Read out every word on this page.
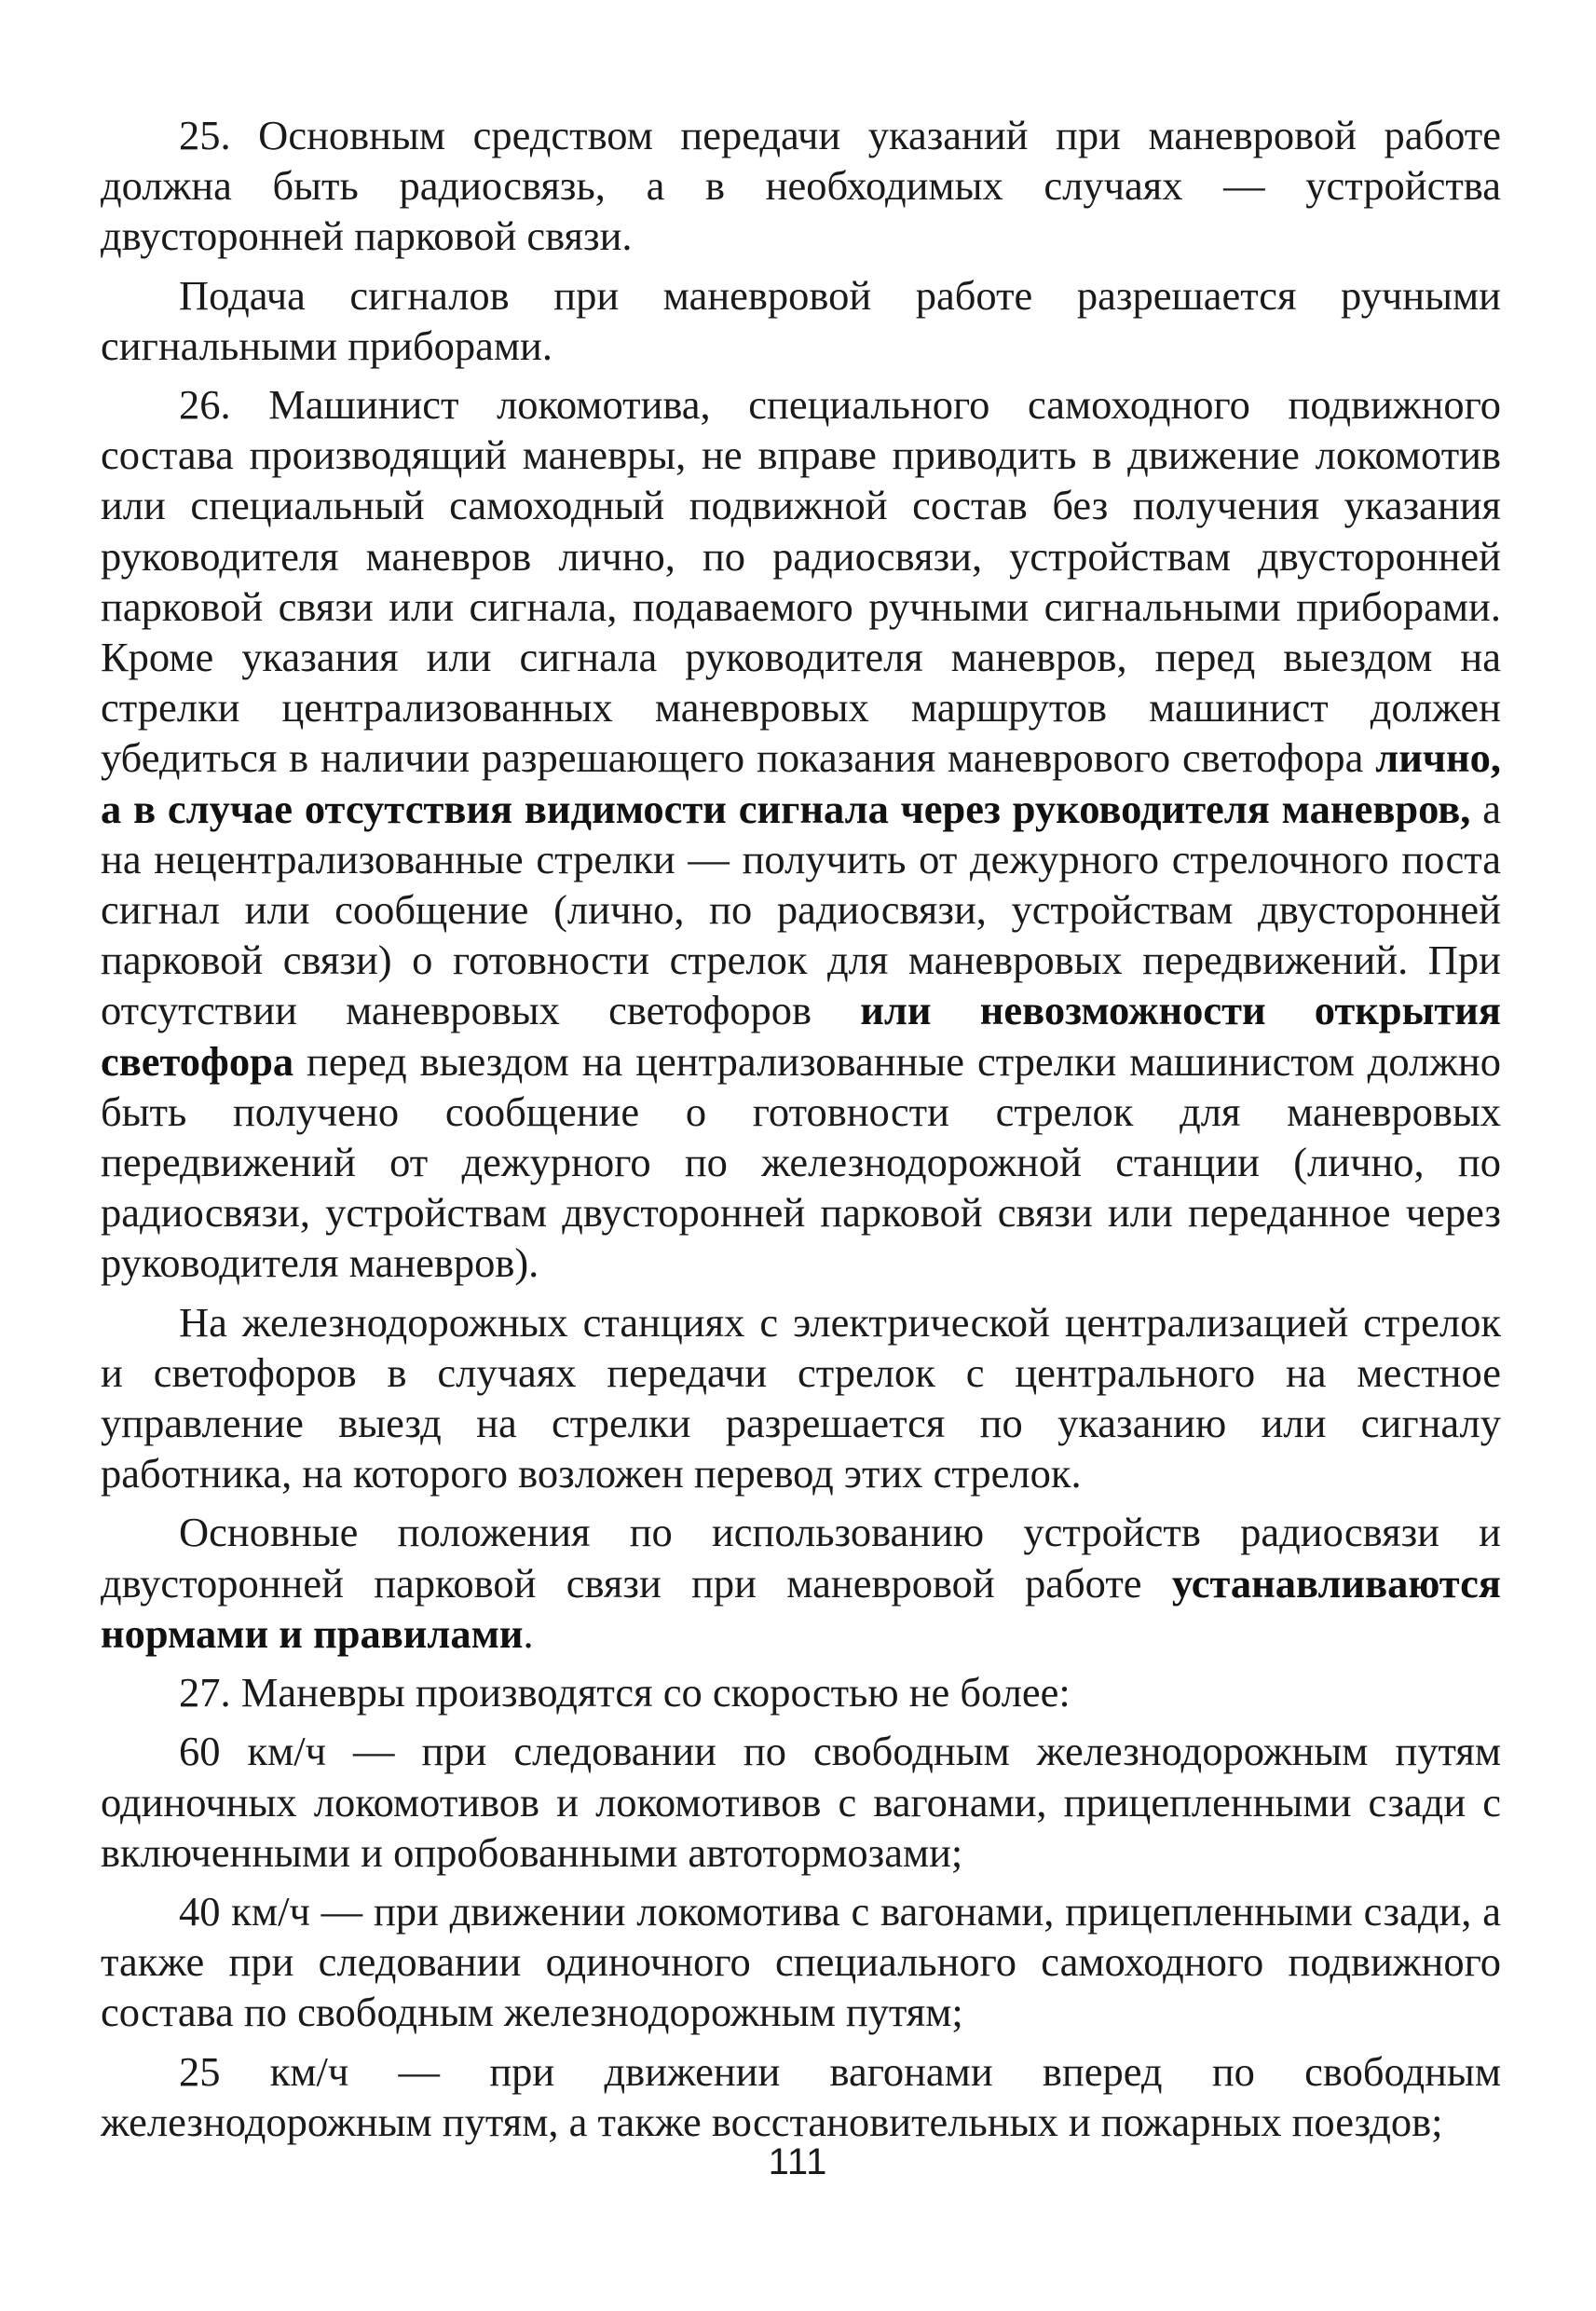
25. Основным средством передачи указаний при маневровой работе должна быть радиосвязь, а в необходимых случаях — устройства двусторонней парковой связи.

Подача сигналов при маневровой работе разрешается ручными сигнальными приборами.

26. Машинист локомотива, специального самоходного подвижного состава производящий маневры, не вправе приводить в движение локомотив или специальный самоходный подвижной состав без получения указания руководителя маневров лично, по радиосвязи, устройствам двусторонней парковой связи или сигнала, подаваемого ручными сигнальными приборами. Кроме указания или сигнала руководителя маневров, перед выездом на стрелки централизованных маневровых маршрутов машинист должен убедиться в наличии разрешающего показания маневрового светофора лично, а в случае отсутствия видимости сигнала через руководителя маневров, а на нецентрализованные стрелки — получить от дежурного стрелочного поста сигнал или сообщение (лично, по радиосвязи, устройствам двусторонней парковой связи) о готовности стрелок для маневровых передвижений. При отсутствии маневровых светофоров или невозможности открытия светофора перед выездом на централизованные стрелки машинистом должно быть получено сообщение о готовности стрелок для маневровых передвижений от дежурного по железнодорожной станции (лично, по радиосвязи, устройствам двусторонней парковой связи или переданное через руководителя маневров).

На железнодорожных станциях с электрической централизацией стрелок и светофоров в случаях передачи стрелок с центрального на местное управление выезд на стрелки разрешается по указанию или сигналу работника, на которого возложен перевод этих стрелок.

Основные положения по использованию устройств радиосвязи и двусторонней парковой связи при маневровой работе устанавливаются нормами и правилами.

27. Маневры производятся со скоростью не более:

60 км/ч — при следовании по свободным железнодорожным путям одиночных локомотивов и локомотивов с вагонами, прицепленными сзади с включенными и опробованными автотормозами;

40 км/ч — при движении локомотива с вагонами, прицепленными сзади, а также при следовании одиночного специального самоходного подвижного состава по свободным железнодорожным путям;

25 км/ч — при движении вагонами вперед по свободным железнодорожным путям, а также восстановительных и пожарных поездов;

111
